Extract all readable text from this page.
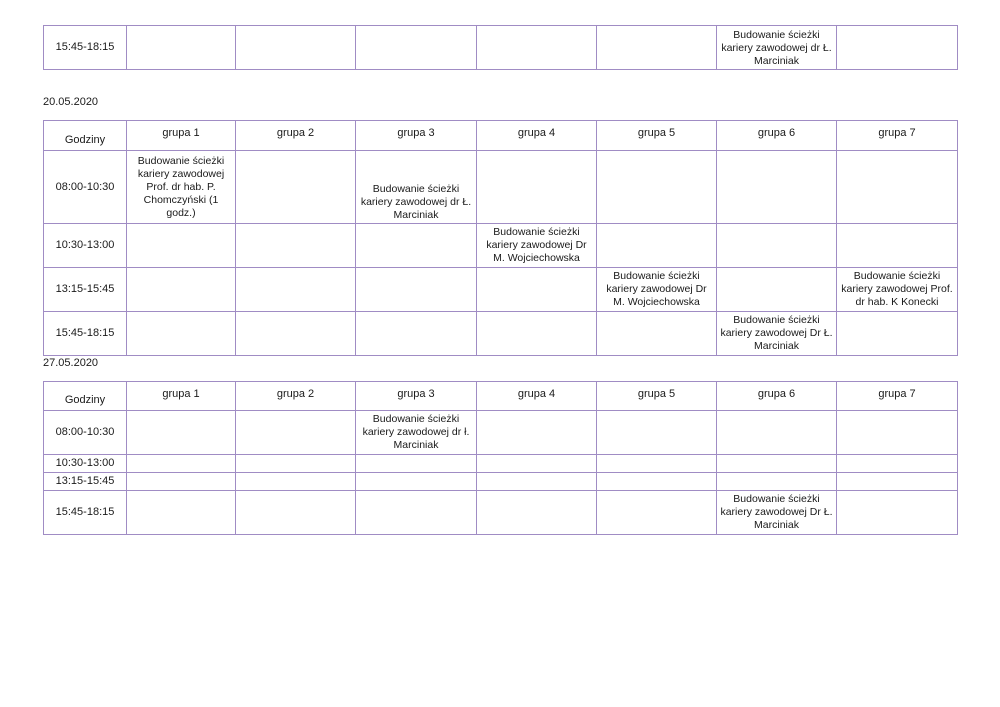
15:45-18:15						Budowanie ścieżki kariery zawodowej dr Ł. Marciniak	
20.05.2020
Godziny	grupa 1	grupa 2	grupa 3	grupa 4	grupa 5	grupa 6	grupa 7
08:00-10:30	Budowanie ścieżki kariery zawodowej Prof. dr hab. P. Chomczyński (1 godz.)		Budowanie ścieżki kariery zawodowej dr Ł. Marciniak				
10:30-13:00				Budowanie ścieżki kariery zawodowej Dr M. Wojciechowska			
13:15-15:45					Budowanie ścieżki kariery zawodowej Dr M. Wojciechowska		Budowanie ścieżki kariery zawodowej Prof. dr hab. K Konecki
15:45-18:15						Budowanie ścieżki kariery zawodowej Dr Ł. Marciniak	
27.05.2020
Godziny	grupa 1	grupa 2	grupa 3	grupa 4	grupa 5	grupa 6	grupa 7
08:00-10:30			Budowanie ścieżki kariery zawodowej dr ł. Marciniak				
10:30-13:00							
13:15-15:45							
15:45-18:15						Budowanie ścieżki kariery zawodowej Dr Ł. Marciniak	
